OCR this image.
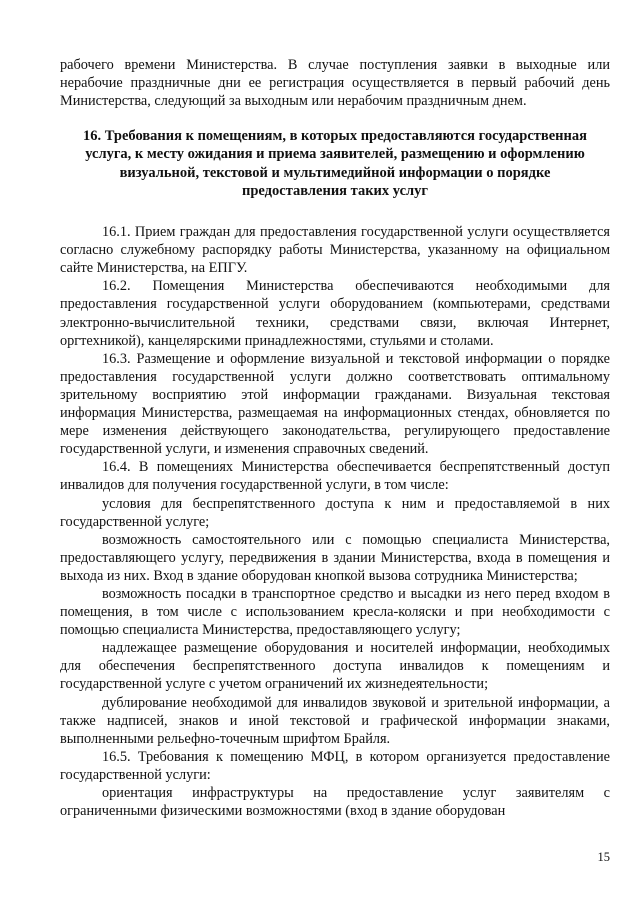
рабочего времени Министерства. В случае поступления заявки в выходные или нерабочие праздничные дни ее регистрация осуществляется в первый рабочий день Министерства, следующий за выходным или нерабочим праздничным днем.

16. Требования к помещениям, в которых предоставляются государственная услуга, к месту ожидания и приема заявителей, размещению и оформлению визуальной, текстовой и мультимедийной информации о порядке предоставления таких услуг

16.1. Прием граждан для предоставления государственной услуги осуществляется согласно служебному распорядку работы Министерства, указанному на официальном сайте Министерства, на ЕПГУ.

16.2. Помещения Министерства обеспечиваются необходимыми для предоставления государственной услуги оборудованием (компьютерами, средствами электронно-вычислительной техники, средствами связи, включая Интернет, оргтехникой), канцелярскими принадлежностями, стульями и столами.

16.3. Размещение и оформление визуальной и текстовой информации о порядке предоставления государственной услуги должно соответствовать оптимальному зрительному восприятию этой информации гражданами. Визуальная текстовая информация Министерства, размещаемая на информационных стендах, обновляется по мере изменения действующего законодательства, регулирующего предоставление государственной услуги, и изменения справочных сведений.

16.4. В помещениях Министерства обеспечивается беспрепятственный доступ инвалидов для получения государственной услуги, в том числе:

условия для беспрепятственного доступа к ним и предоставляемой в них государственной услуге;

возможность самостоятельного или с помощью специалиста Министерства, предоставляющего услугу, передвижения в здании Министерства, входа в помещения и выхода из них. Вход в здание оборудован кнопкой вызова сотрудника Министерства;

возможность посадки в транспортное средство и высадки из него перед входом в помещения, в том числе с использованием кресла-коляски и при необходимости с помощью специалиста Министерства, предоставляющего услугу;

надлежащее размещение оборудования и носителей информации, необходимых для обеспечения беспрепятственного доступа инвалидов к помещениям и государственной услуге с учетом ограничений их жизнедеятельности;

дублирование необходимой для инвалидов звуковой и зрительной информации, а также надписей, знаков и иной текстовой и графической информации знаками, выполненными рельефно-точечным шрифтом Брайля.

16.5. Требования к помещению МФЦ, в котором организуется предоставление государственной услуги:

ориентация инфраструктуры на предоставление услуг заявителям с ограниченными физическими возможностями (вход в здание оборудован

15
